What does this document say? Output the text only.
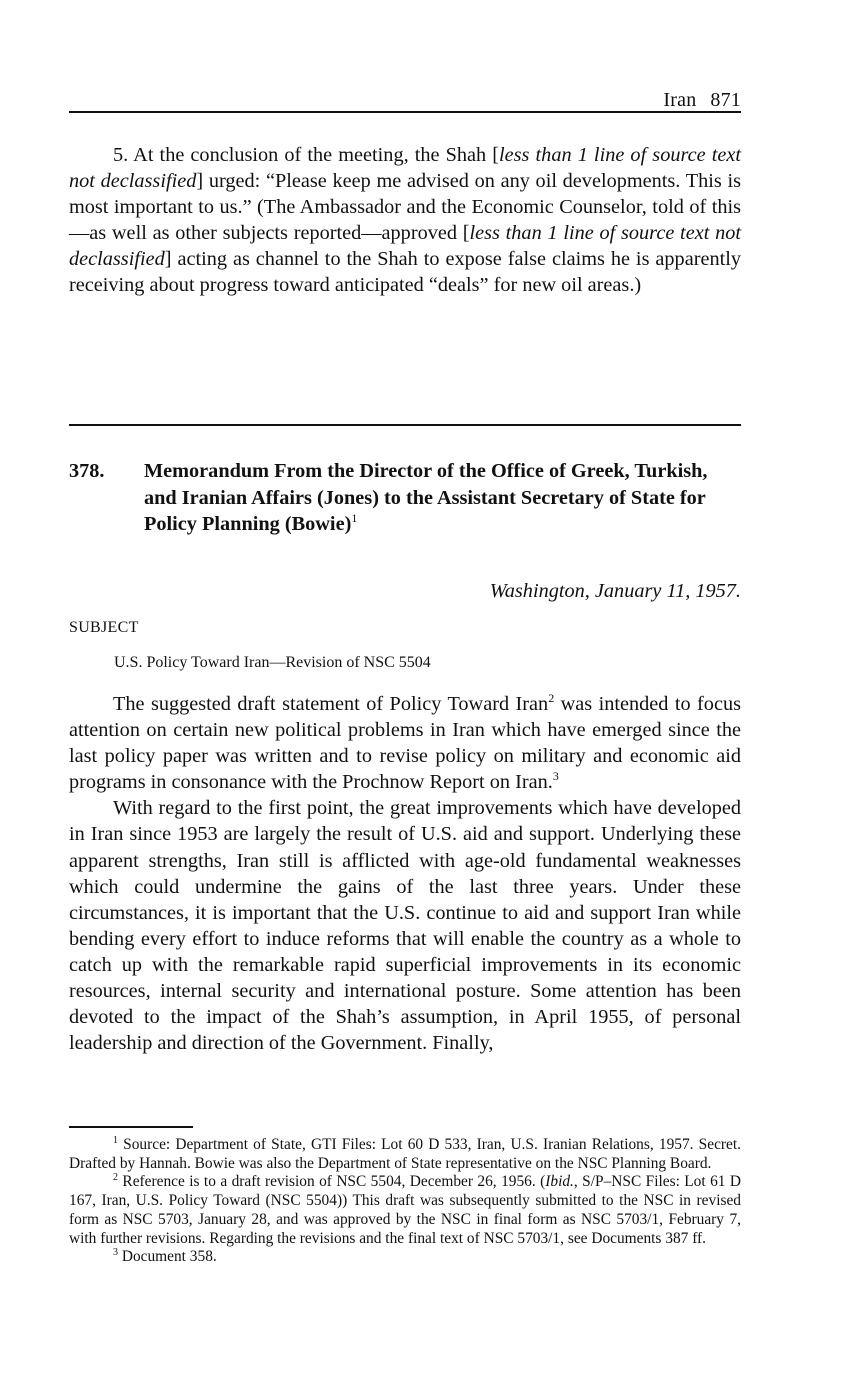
Iran 871

5. At the conclusion of the meeting, the Shah [less than 1 line of source text not declassified] urged: “Please keep me advised on any oil developments. This is most important to us.” (The Ambassador and the Economic Counselor, told of this—as well as other subjects reported—approved [less than 1 line of source text not declassified] acting as channel to the Shah to expose false claims he is apparently receiving about progress toward anticipated “deals” for new oil areas.)

378. Memorandum From the Director of the Office of Greek, Turkish, and Iranian Affairs (Jones) to the Assistant Secretary of State for Policy Planning (Bowie)$^1$
Washington, January 11, 1957.
SUBJECT
U.S. Policy Toward Iran—Revision of NSC 5504

The suggested draft statement of Policy Toward Iran$^2$ was intended to focus attention on certain new political problems in Iran which have emerged since the last policy paper was written and to revise policy on military and economic aid programs in consonance with the Prochnow Report on Iran.$^3$

With regard to the first point, the great improvements which have developed in Iran since 1953 are largely the result of U.S. aid and support. Underlying these apparent strengths, Iran still is afflicted with age-old fundamental weaknesses which could undermine the gains of the last three years. Under these circumstances, it is important that the U.S. continue to aid and support Iran while bending every effort to induce reforms that will enable the country as a whole to catch up with the remarkable rapid superficial improvements in its economic resources, internal security and international posture. Some attention has been devoted to the impact of the Shah’s assumption, in April 1955, of personal leadership and direction of the Government. Finally,

$^1$ Source: Department of State, GTI Files: Lot 60 D 533, Iran, U.S. Iranian Relations, 1957. Secret. Drafted by Hannah. Bowie was also the Department of State representative on the NSC Planning Board.

$^2$ Reference is to a draft revision of NSC 5504, December 26, 1956. (Ibid., S/P–NSC Files: Lot 61 D 167, Iran, U.S. Policy Toward (NSC 5504)) This draft was subsequently submitted to the NSC in revised form as NSC 5703, January 28, and was approved by the NSC in final form as NSC 5703/1, February 7, with further revisions. Regarding the revisions and the final text of NSC 5703/1, see Documents 387 ff.

$^3$ Document 358.
